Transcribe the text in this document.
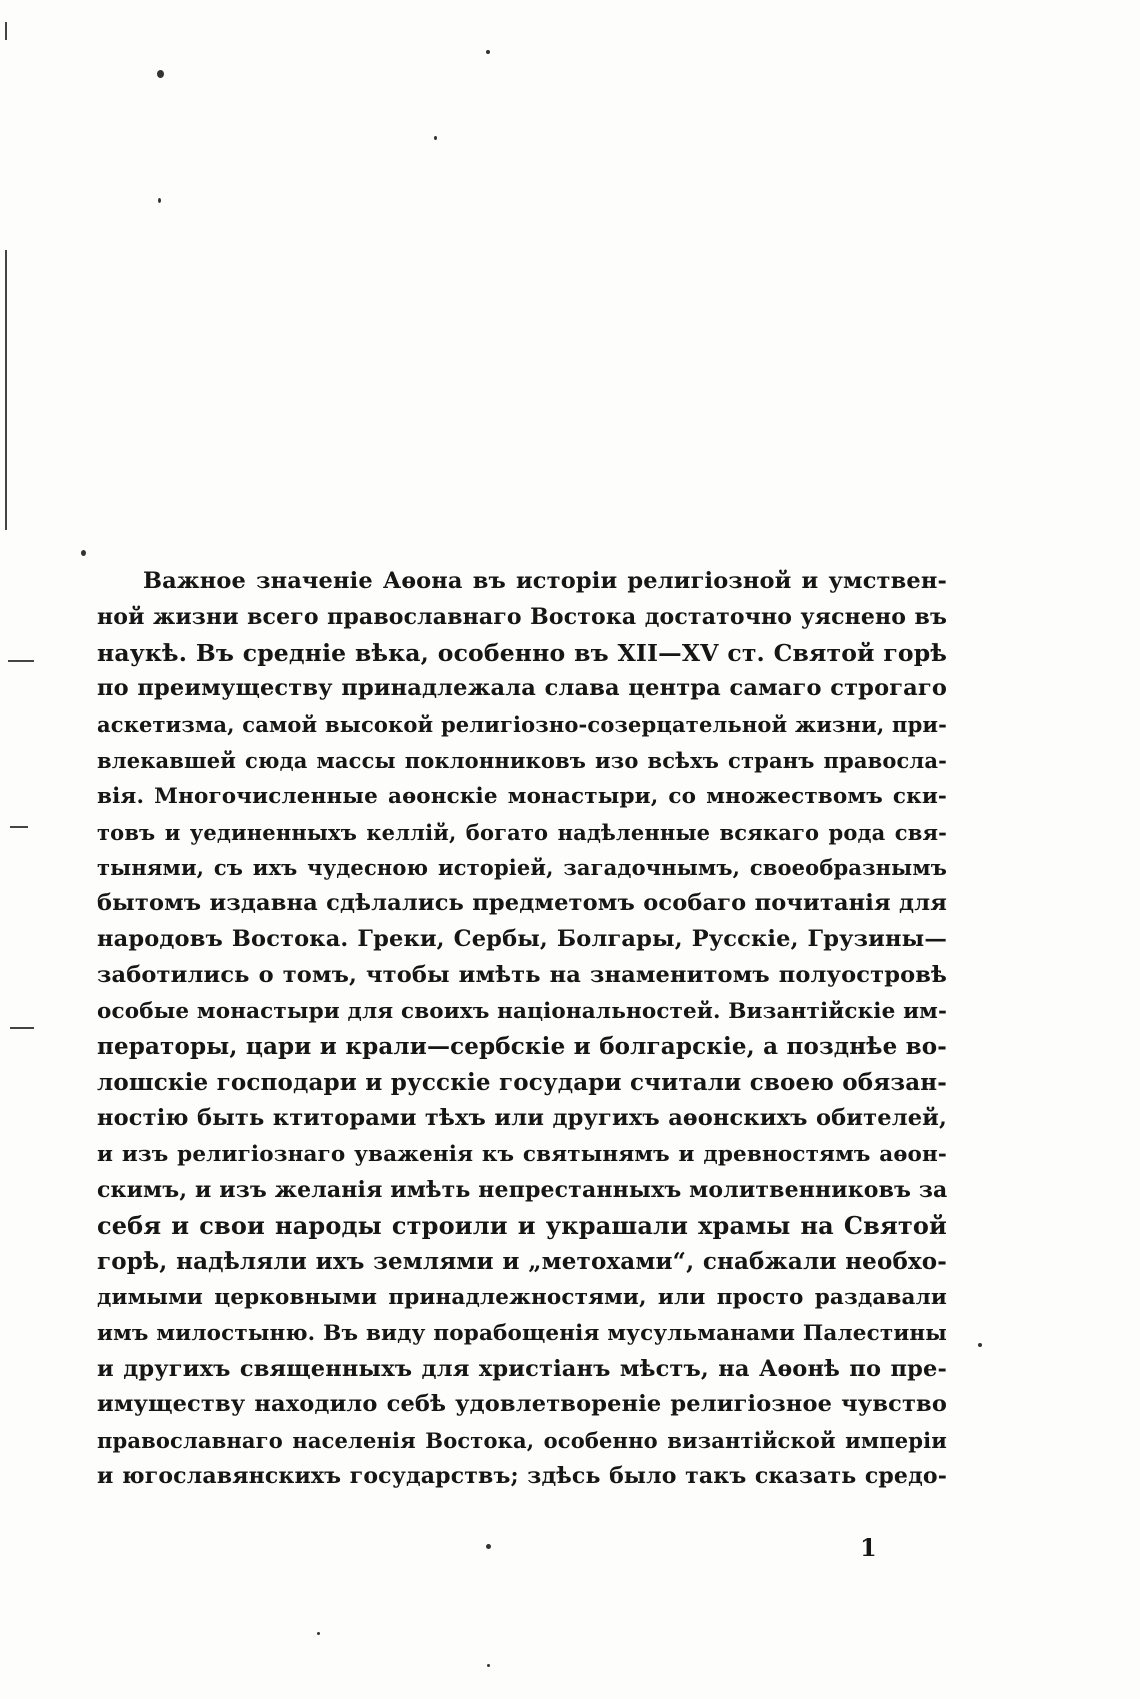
Важное значенiе Аѳона въ исторiи религiозной и умствен-
ной жизни всего православнаго Востока достаточно уяснено въ
наукѣ. Въ среднiе вѣка, особенно въ XII—XV ст. Святой горѣ
по преимуществу принадлежала слава центра самаго строгаго
аскетизма, самой высокой религiозно-созерцательной жизни, при-
влекавшей сюда массы поклонниковъ изо всѣхъ странъ правосла-
вiя. Многочисленные аѳонскiе монастыри, со множествомъ ски-
товъ и уединенныхъ келлiй, богато надѣленные всякаго рода свя-
тынями, съ ихъ чудесною исторiей, загадочнымъ, своеобразнымъ
бытомъ издавна сдѣлались предметомъ особаго почитанiя для
народовъ Востока. Греки, Сербы, Болгары, Русскiе, Грузины—
заботились о томъ, чтобы имѣть на знаменитомъ полуостровѣ
особые монастыри для своихъ нацiональностей. Византiйскiе им-
ператоры, цари и крали—сербскiе и болгарскiе, а позднѣе во-
лошскiе господари и русскiе государи считали своею обязан-
ностiю быть ктиторами тѣхъ или другихъ аѳонскихъ обителей,
и изъ религiознаго уваженiя къ святынямъ и древностямъ аѳон-
скимъ, и изъ желанiя имѣть непрестанныхъ молитвенниковъ за
себя и свои народы строили и украшали храмы на Святой
горѣ, надѣляли ихъ землями и „метохами“, снабжали необхо-
димыми церковными принадлежностями, или просто раздавали
имъ милостыню. Въ виду порабощенiя мусульманами Палестины
и другихъ священныхъ для христiанъ мѣстъ, на Аѳонѣ по пре-
имуществу находило себѣ удовлетворенiе религiозное чувство
православнаго населенiя Востока, особенно византiйской имперiи
и югославянскихъ государствъ; здѣсь было такъ сказать средо-
1
